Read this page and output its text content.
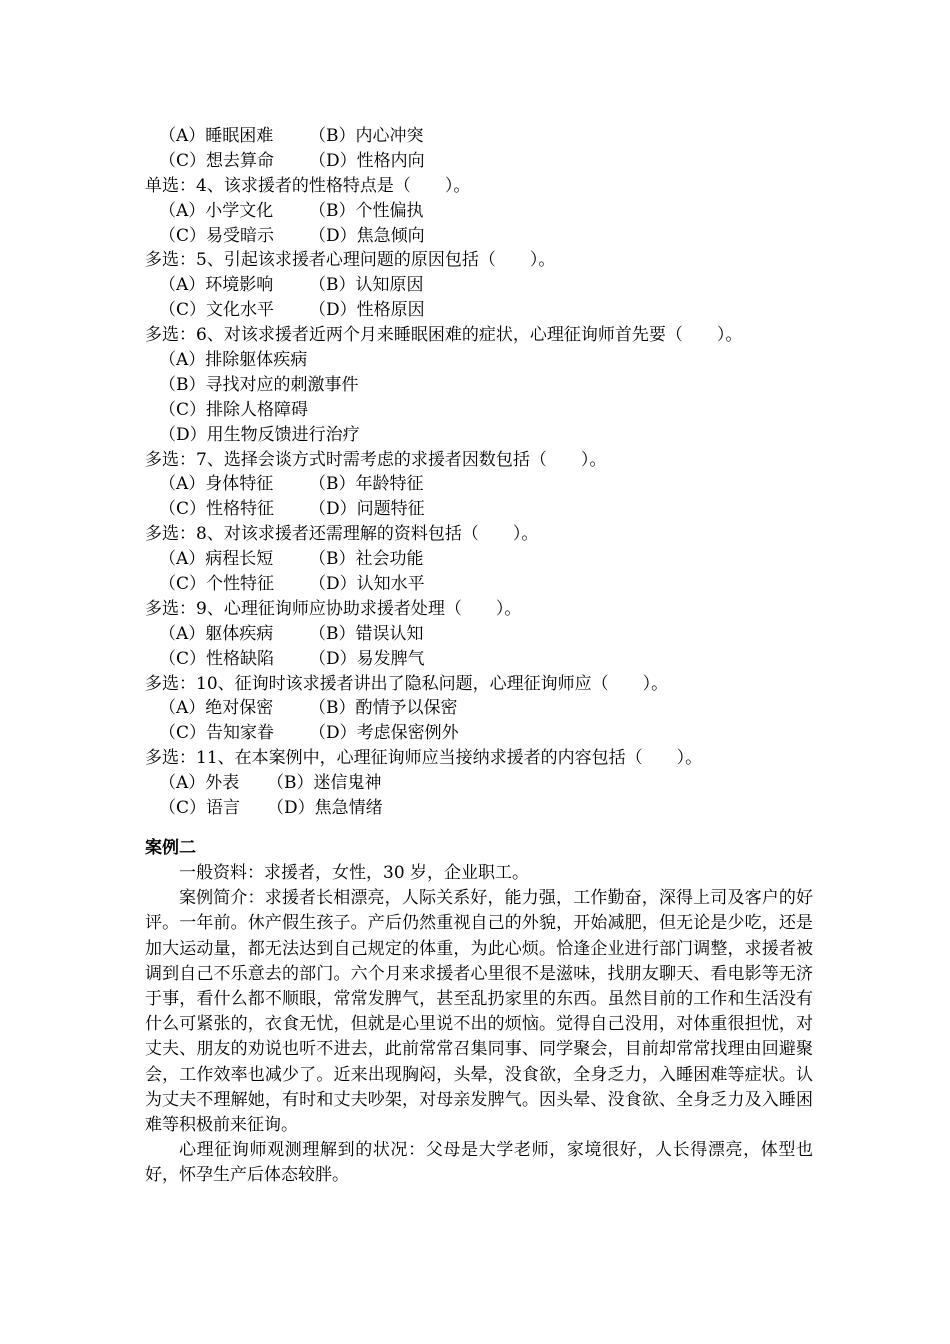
（A）睡眠困难 （B）内心冲突
（C）想去算命 （D）性格内向
单选：4、该求援者的性格特点是（　　）。
（A）小学文化 （B）个性偏执
（C）易受暗示 （D）焦急倾向
多选：5、引起该求援者心理问题的原因包括（　　）。
（A）环境影响 （B）认知原因
（C）文化水平 （D）性格原因
多选：6、对该求援者近两个月来睡眠困难的症状，心理征询师首先要（　　）。
（A）排除躯体疾病
（B）寻找对应的刺激事件
（C）排除人格障碍
（D）用生物反馈进行治疗
多选：7、选择会谈方式时需考虑的求援者因数包括（　　）。
（A）身体特征 （B）年龄特征
（C）性格特征 （D）问题特征
多选：8、对该求援者还需理解的资料包括（　　）。
（A）病程长短 （B）社会功能
（C）个性特征 （D）认知水平
多选：9、心理征询师应协助求援者处理（　　）。
（A）躯体疾病 （B）错误认知
（C）性格缺陷 （D）易发脾气
多选：10、征询时该求援者讲出了隐私问题，心理征询师应（　　）。
（A）绝对保密 （B）酌情予以保密
（C）告知家眷 （D）考虑保密例外
多选：11、在本案例中，心理征询师应当接纳求援者的内容包括（　　）。
（A）外表 （B）迷信鬼神
（C）语言 （D）焦急情绪
案例二
一般资料：求援者，女性，30 岁，企业职工。
案例简介：求援者长相漂亮，人际关系好，能力强，工作勤奋，深得上司及客户的好评。一年前。休产假生孩子。产后仍然重视自己的外貌，开始减肥，但无论是少吃，还是加大运动量，都无法达到自己规定的体重，为此心烦。恰逢企业进行部门调整，求援者被调到自己不乐意去的部门。六个月来求援者心里很不是滋味，找朋友聊天、看电影等无济于事，看什么都不顺眼，常常发脾气，甚至乱扔家里的东西。虽然目前的工作和生活没有什么可紧张的，衣食无忧，但就是心里说不出的烦恼。觉得自己没用，对体重很担忧，对丈夫、朋友的劝说也听不进去，此前常常召集同事、同学聚会，目前却常常找理由回避聚会，工作效率也减少了。近来出现胸闷，头晕，没食欲，全身乏力，入睡困难等症状。认为丈夫不理解她，有时和丈夫吵架，对母亲发脾气。因头晕、没食欲、全身乏力及入睡困难等积极前来征询。
心理征询师观测理解到的状况：父母是大学老师，家境很好，人长得漂亮，体型也好，怀孕生产后体态较胖。
